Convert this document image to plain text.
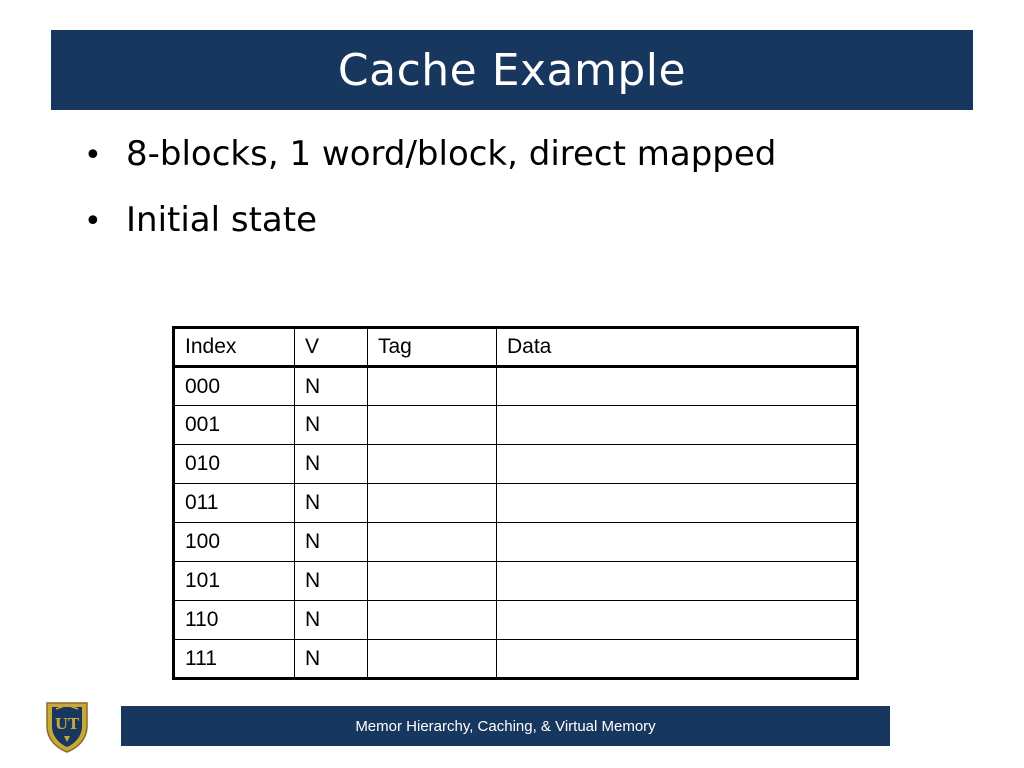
Cache Example
• 8-blocks, 1 word/block, direct mapped
• Initial state
Index	V	Tag	Data
000	N		
001	N		
010	N		
011	N		
100	N		
101	N		
110	N		
111	N		
UT	Memor Hierarchy, Caching, & Virtual Memory
